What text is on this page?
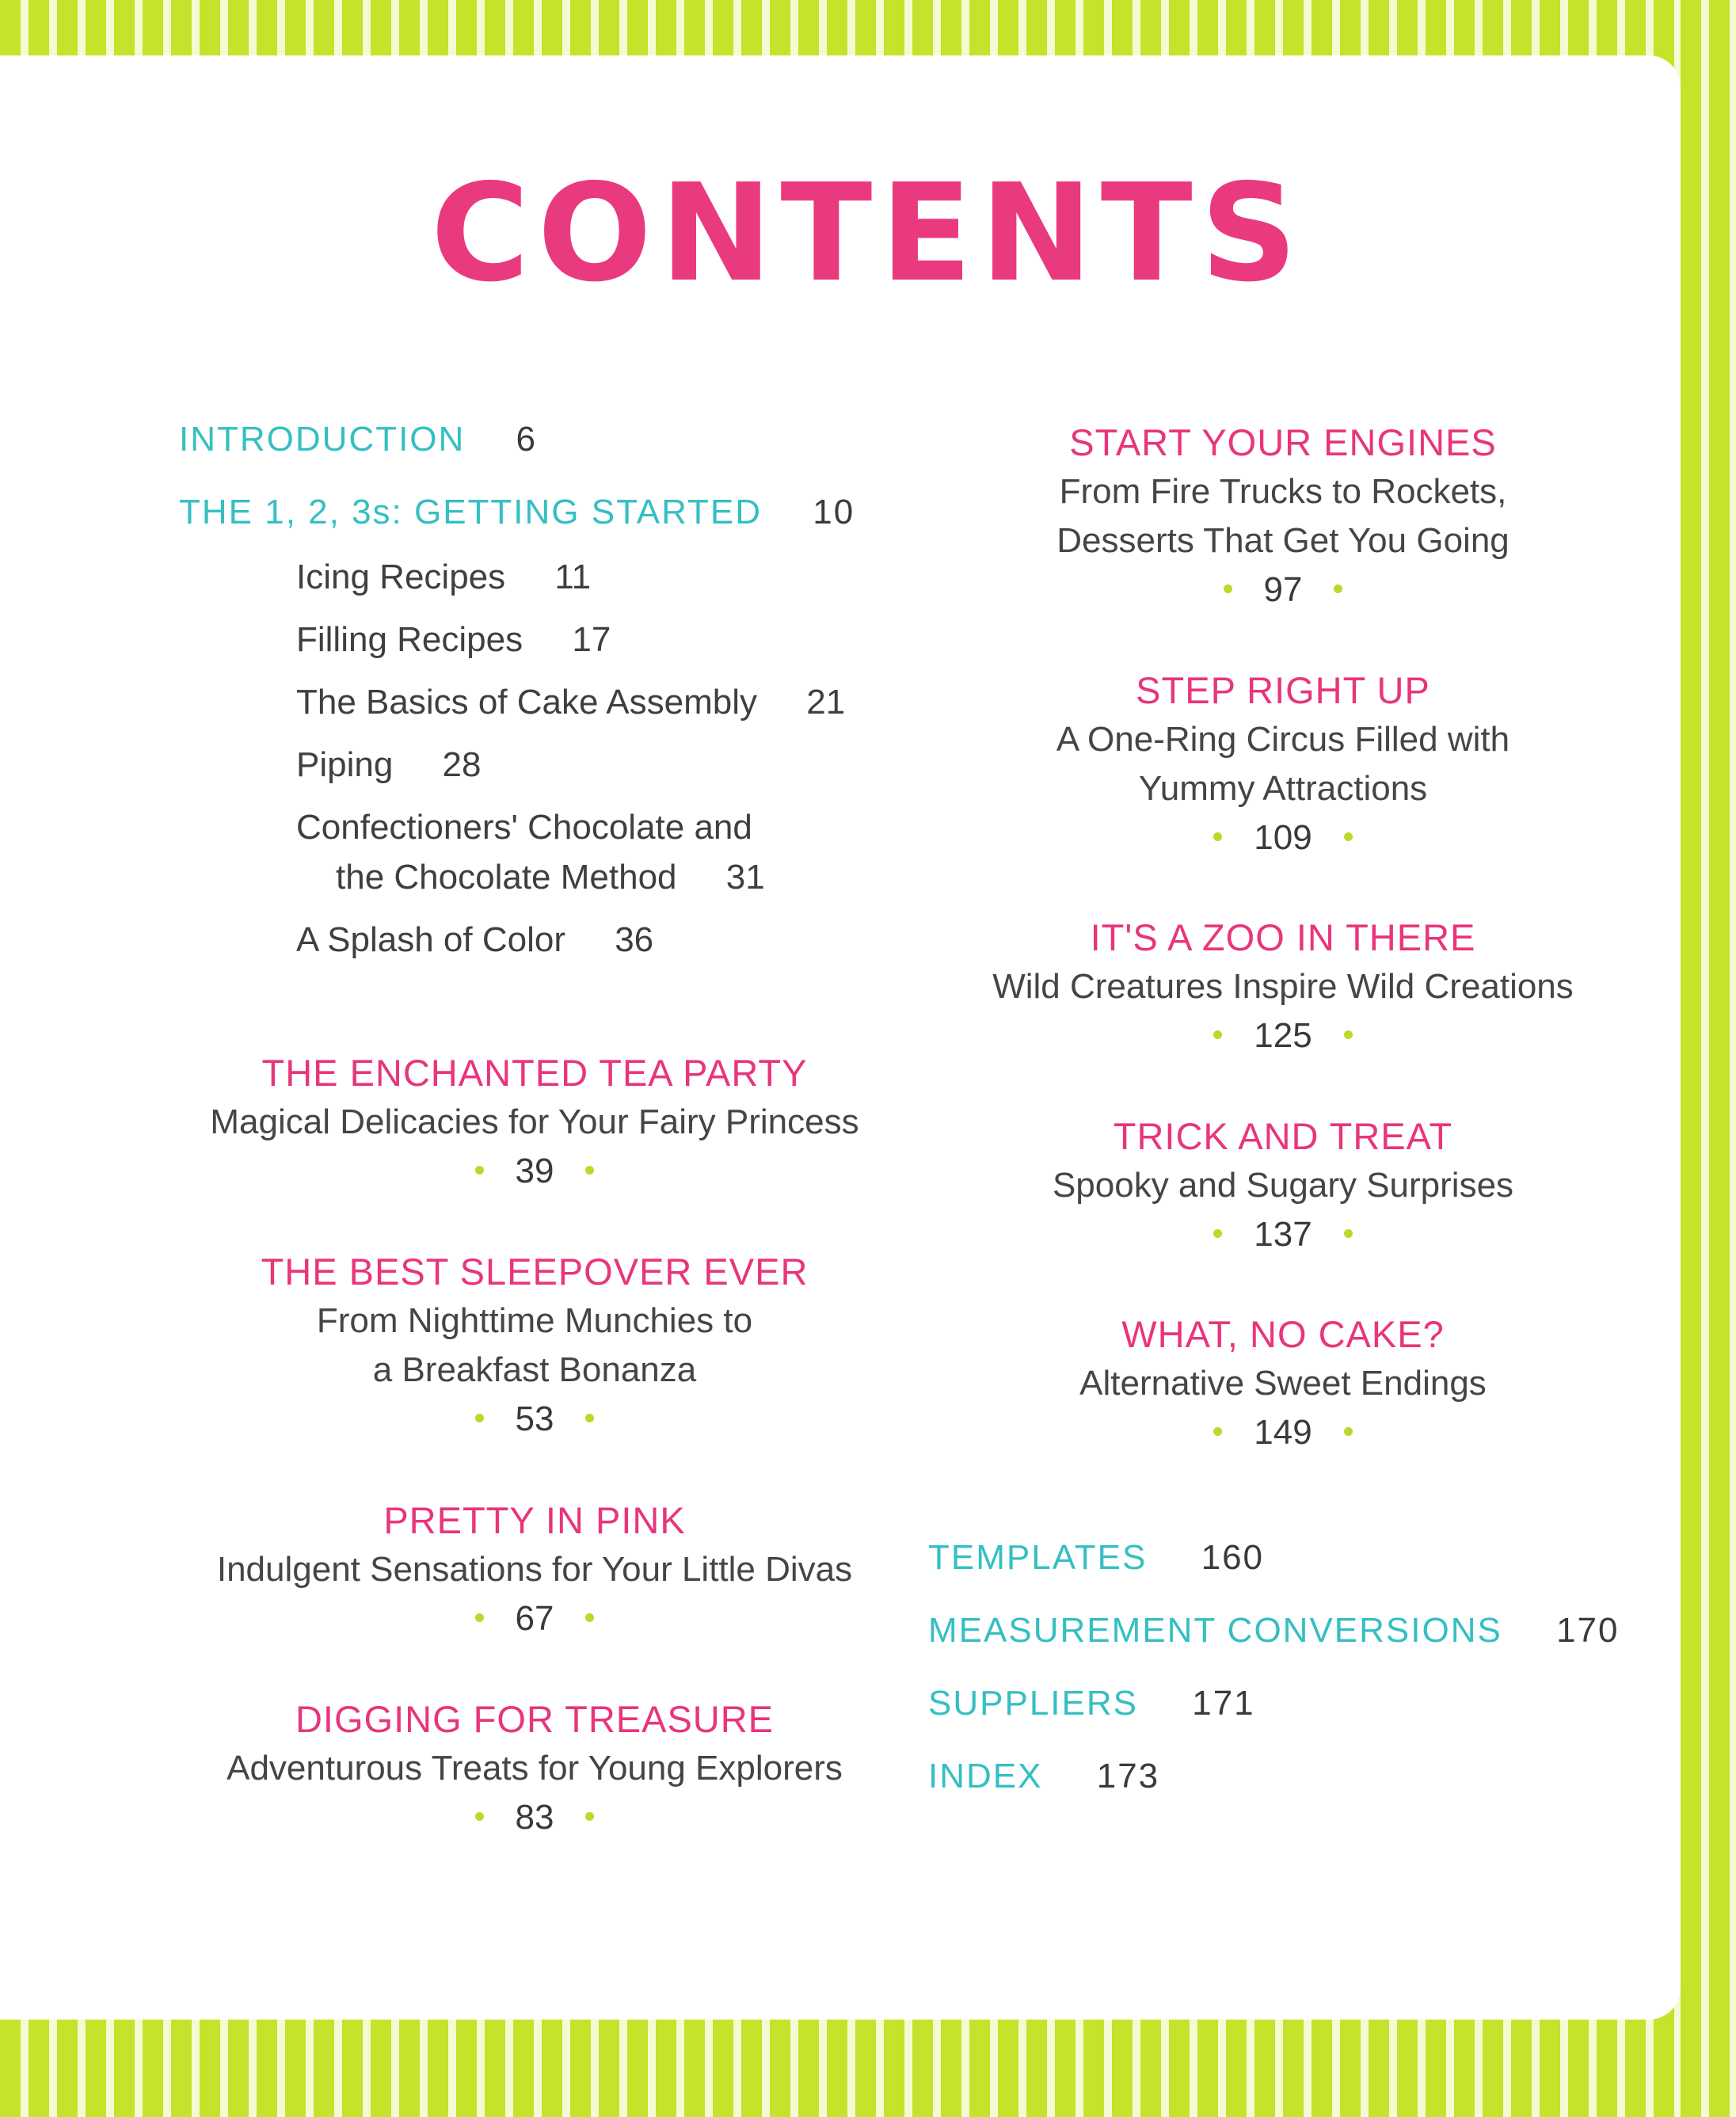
CONTENTS
INTRODUCTION 6
THE 1, 2, 3s: GETTING STARTED 10
Icing Recipes 11
Filling Recipes 17
The Basics of Cake Assembly 21
Piping 28
Confectioners' Chocolate and
the Chocolate Method 31
A Splash of Color 36
THE ENCHANTED TEA PARTY
Magical Delicacies for Your Fairy Princess
39
THE BEST SLEEPOVER EVER
From Nighttime Munchies to
a Breakfast Bonanza
53
PRETTY IN PINK
Indulgent Sensations for Your Little Divas
67
DIGGING FOR TREASURE
Adventurous Treats for Young Explorers
83
START YOUR ENGINES
From Fire Trucks to Rockets,
Desserts That Get You Going
97
STEP RIGHT UP
A One-Ring Circus Filled with
Yummy Attractions
109
IT'S A ZOO IN THERE
Wild Creatures Inspire Wild Creations
125
TRICK AND TREAT
Spooky and Sugary Surprises
137
WHAT, NO CAKE?
Alternative Sweet Endings
149
TEMPLATES 160
MEASUREMENT CONVERSIONS 170
SUPPLIERS 171
INDEX 173
